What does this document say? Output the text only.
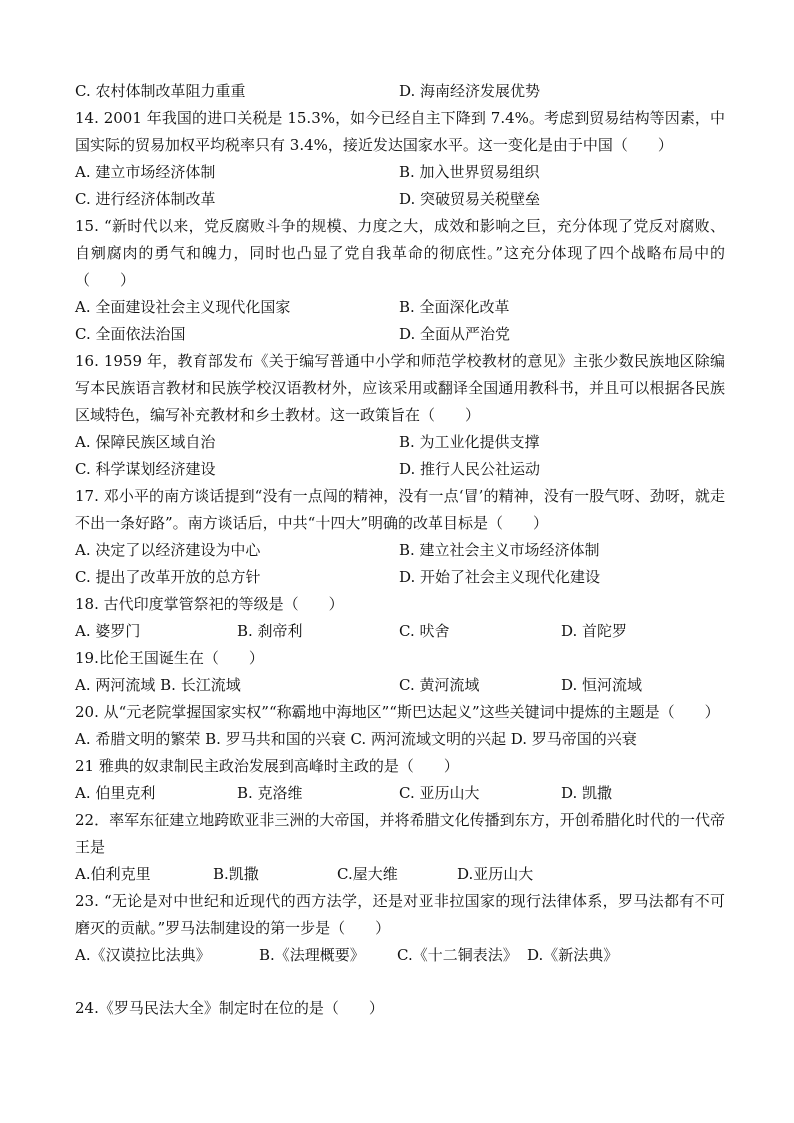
C. 农村体制改革阻力重重	D. 海南经济发展优势

14. 2001 年我国的进口关税是 15.3%，如今已经自主下降到 7.4%。考虑到贸易结构等因素，中国实际的贸易加权平均税率只有 3.4%，接近发达国家水平。这一变化是由于中国（　　）

A. 建立市场经济体制	B. 加入世界贸易组织
C. 进行经济体制改革	D. 突破贸易关税壁垒

15. “新时代以来，党反腐败斗争的规模、力度之大，成效和影响之巨，充分体现了党反对腐败、自剜腐肉的勇气和魄力，同时也凸显了党自我革命的彻底性。”这充分体现了四个战略布局中的（　　）

A. 全面建设社会主义现代化国家	B. 全面深化改革
C. 全面依法治国	D. 全面从严治党

16. 1959 年，教育部发布《关于编写普通中小学和师范学校教材的意见》主张少数民族地区除编写本民族语言教材和民族学校汉语教材外，应该采用或翻译全国通用教科书，并且可以根据各民族区域特色，编写补充教材和乡土教材。这一政策旨在（　　）

A. 保障民族区域自治	B. 为工业化提供支撑
C. 科学谋划经济建设	D. 推行人民公社运动

17. 邓小平的南方谈话提到“没有一点闯的精神，没有一点‘冒’的精神，没有一股气呀、劲呀，就走不出一条好路”。南方谈话后，中共“十四大”明确的改革目标是（　　）

A. 决定了以经济建设为中心	B. 建立社会主义市场经济体制
C. 提出了改革开放的总方针	D. 开始了社会主义现代化建设

18. 古代印度掌管祭祀的等级是（　　）

A. 婆罗门	B. 刹帝利	C. 吠舍	D. 首陀罗

19.比伦王国诞生在（　　）

A. 两河流域 B. 长江流域	C. 黄河流域	D. 恒河流域

20. 从“元老院掌握国家实权”“称霸地中海地区”“斯巴达起义”这些关键词中提炼的主题是（　　）

A. 希腊文明的繁荣 B. 罗马共和国的兴衰 C. 两河流域文明的兴起 D. 罗马帝国的兴衰

21 雅典的奴隶制民主政治发展到高峰时主政的是（　　）

A. 伯里克利	B. 克洛维	C. 亚历山大	D. 凯撒

22．率军东征建立地跨欧亚非三洲的大帝国，并将希腊文化传播到东方，开创希腊化时代的一代帝王是

A.伯利克里	B.凯撒	C.屋大维	D.亚历山大

23. “无论是对中世纪和近现代的西方法学，还是对亚非拉国家的现行法律体系，罗马法都有不可磨灭的贡献。”罗马法制建设的第一步是（　　）

A.《汉谟拉比法典》	B.《法理概要》	C.《十二铜表法》 D.《新法典》

24.《罗马民法大全》制定时在位的是（　　）
